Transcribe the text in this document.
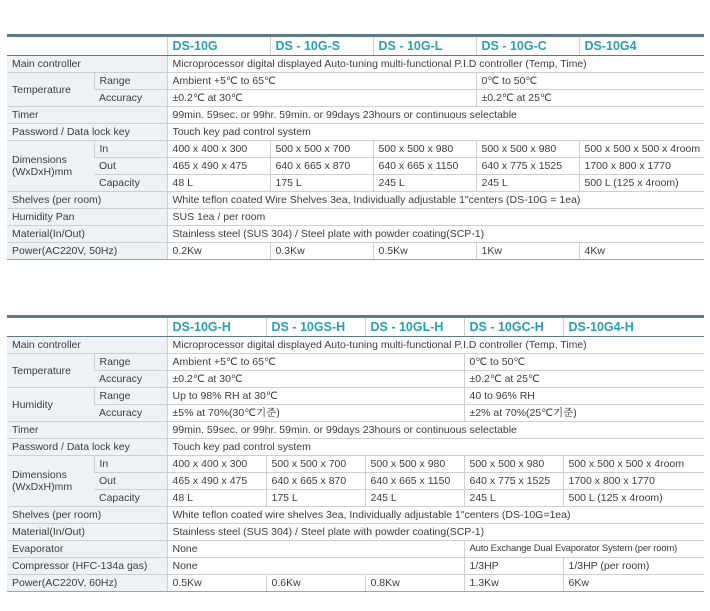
		DS-10G	DS - 10G-S	DS - 10G-L	DS - 10G-C	DS-10G4
Main controller		Microprocessor digital displayed Auto-tuning multi-functional P.I.D controller (Temp, Time)				
Temperature	Range	Ambient +5℃ to 65℃			0℃ to 50℃	
	Accuracy	±0.2℃ at 30℃			±0.2℃ at 25℃	
Timer		99min. 59sec. or 99hr. 59min. or 99days 23hours or continuous selectable				
Password / Data lock key		Touch key pad control system				
Dimensions
(WxDxH)mm	In	400 x 400 x 300	500 x 500 x 700	500 x 500 x 980	500 x 500 x 980	500 x 500 x 500 x 4room
	Out	465 x 490 x 475	640 x 665 x 870	640 x 665 x 1150	640 x 775 x 1525	1700 x 800 x 1770
	Capacity	48 L	175 L	245 L	245 L	500 L (125 x 4room)
Shelves (per room)		White teflon coated Wire Shelves 3ea, Individually adjustable 1"centers (DS-10G = 1ea)				
Humidity Pan		SUS 1ea / per room				
Material(In/Out)		Stainless steel (SUS 304) / Steel plate with powder coating(SCP-1)				
Power(AC220V, 50Hz)		0.2Kw	0.3Kw	0.5Kw	1Kw	4Kw
		DS-10G-H	DS - 10GS-H	DS - 10GL-H	DS - 10GC-H	DS-10G4-H
Main controller		Microprocessor digital displayed Auto-tuning multi-functional P.I.D controller (Temp, Time)				
Temperature	Range	Ambient +5℃ to 65℃			0℃ to 50℃	
	Accuracy	±0.2℃ at 30℃			±0.2℃ at 25℃	
Humidity	Range	Up to 98% RH at 30℃			40 to 96% RH	
	Accuracy	±5% at 70%(30℃기준)			±2% at 70%(25℃기준)	
Timer		99min. 59sec. or 99hr. 59min. or 99days 23hours or continuous selectable				
Password / Data lock key		Touch key pad control system				
Dimensions
(WxDxH)mm	In	400 x 400 x 300	500 x 500 x 700	500 x 500 x 980	500 x 500 x 980	500 x 500 x 500 x 4room
	Out	465 x 490 x 475	640 x 665 x 870	640 x 665 x 1150	640 x 775 x 1525	1700 x 800 x 1770
	Capacity	48 L	175 L	245 L	245 L	500 L (125 x 4room)
Shelves (per room)		White teflon coated wire shelves 3ea, Individually adjustable 1"centers (DS-10G=1ea)				
Material(In/Out)		Stainless steel (SUS 304) / Steel plate with powder coating(SCP-1)				
Evaporator		None			Auto Exchange Dual Evaporator System (per room)	
Compressor (HFC-134a gas)		None			1/3HP	1/3HP (per room)
Power(AC220V, 60Hz)		0.5Kw	0.6Kw	0.8Kw	1.3Kw	6Kw
